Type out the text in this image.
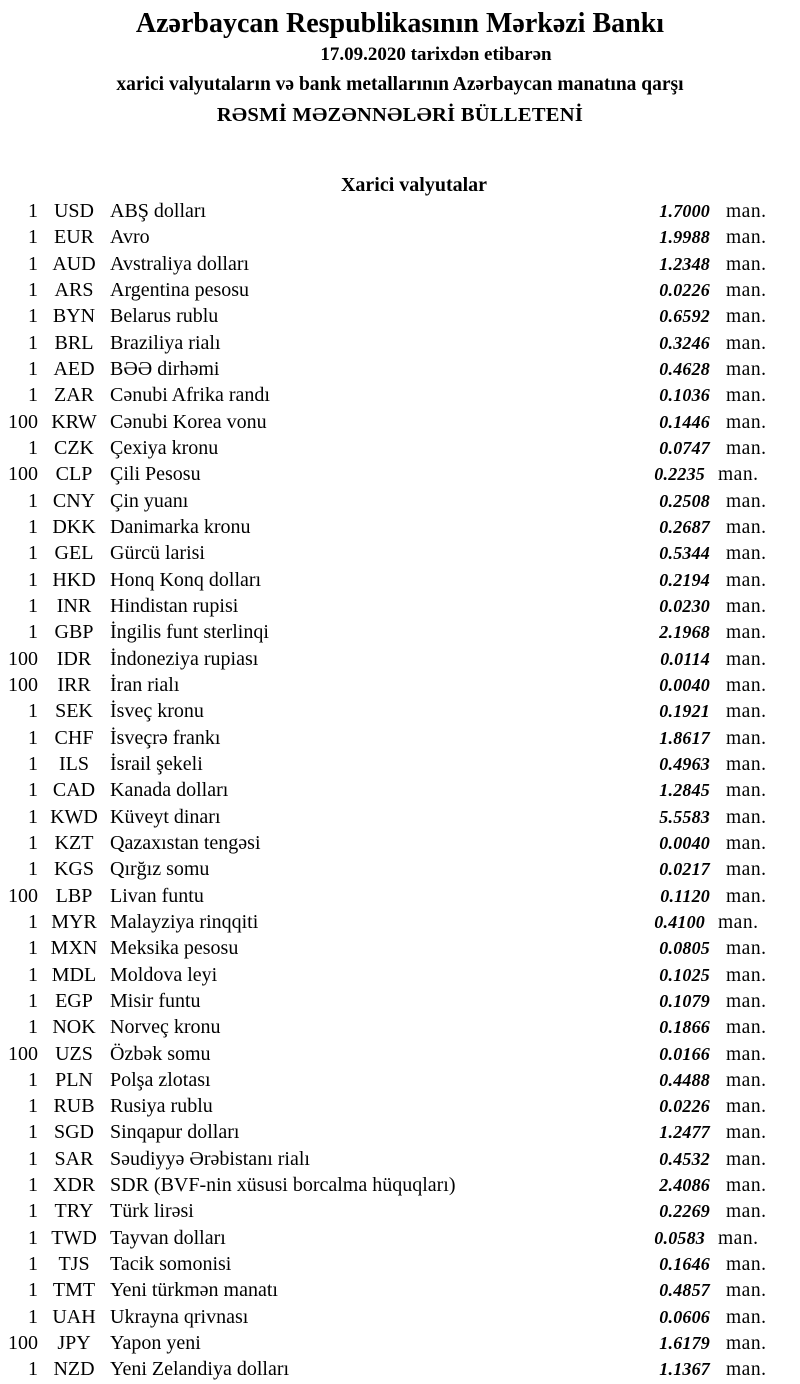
Azərbaycan Respublikasının Mərkəzi Bankı
17.09.2020 tarixdən etibarən
xarici valyutaların və bank metallarının Azərbaycan manatına qarşı
RƏSMİ MƏZƏNNƏLƏRİ BÜLLETENİ
Xarici valyutalar
1 USD ABŞ dolları	1.7000 man.
1 EUR Avro	1.9988 man.
1 AUD Avstraliya dolları	1.2348 man.
1 ARS Argentina pesosu	0.0226 man.
1 BYN Belarus rublu	0.6592 man.
1 BRL Braziliya rialı	0.3246 man.
1 AED BƏƏ dirhəmi	0.4628 man.
1 ZAR Cənubi Afrika randı	0.1036 man.
100 KRW Cənubi Korea vonu	0.1446 man.
1 CZK Çexiya kronu	0.0747 man.
100 CLP Çili Pesosu	0.2235 man.
1 CNY Çin yuanı	0.2508 man.
1 DKK Danimarka kronu	0.2687 man.
1 GEL Gürcü larisi	0.5344 man.
1 HKD Honq Konq dolları	0.2194 man.
1 INR Hindistan rupisi	0.0230 man.
1 GBP İngilis funt sterlinqi	2.1968 man.
100 IDR İndoneziya rupiası	0.0114 man.
100 IRR İran rialı	0.0040 man.
1 SEK İsveç kronu	0.1921 man.
1 CHF İsveçrə frankı	1.8617 man.
1	ILS	İsrail şekeli	0.4963 man.
1 CAD Kanada dolları	1.2845 man.
1 KWD Küveyt dinarı	5.5583 man.
1 KZT Qazaxıstan tengəsi	0.0040 man.
1 KGS Qırğız somu	0.0217 man.
100 LBP Livan funtu	0.1120 man.
1 MYR Malayziya rinqqiti	0.4100 man.
1 MXN Meksika pesosu	0.0805 man.
1 MDL Moldova leyi	0.1025 man.
1 EGP Misir funtu	0.1079 man.
1 NOK Norveç kronu	0.1866 man.
100 UZS Özbək somu	0.0166 man.
1 PLN Polşa zlotası	0.4488 man.
1 RUB Rusiya rublu	0.0226 man.
1 SGD Sinqapur dolları	1.2477 man.
1 SAR Səudiyyə Ərəbistanı rialı	0.4532 man.
1 XDR SDR (BVF-nin xüsusi borcalma hüquqları)	2.4086 man.
1 TRY Türk lirəsi	0.2269 man.
1 TWD Tayvan dolları	0.0583 man.
1	TJS	Tacik somonisi	0.1646 man.
1 TMT Yeni türkmən manatı	0.4857 man.
1 UAH Ukrayna qrivnası	0.0606 man.
100 JPY Yapon yeni	1.6179 man.
1 NZD Yeni Zelandiya dolları	1.1367 man.
